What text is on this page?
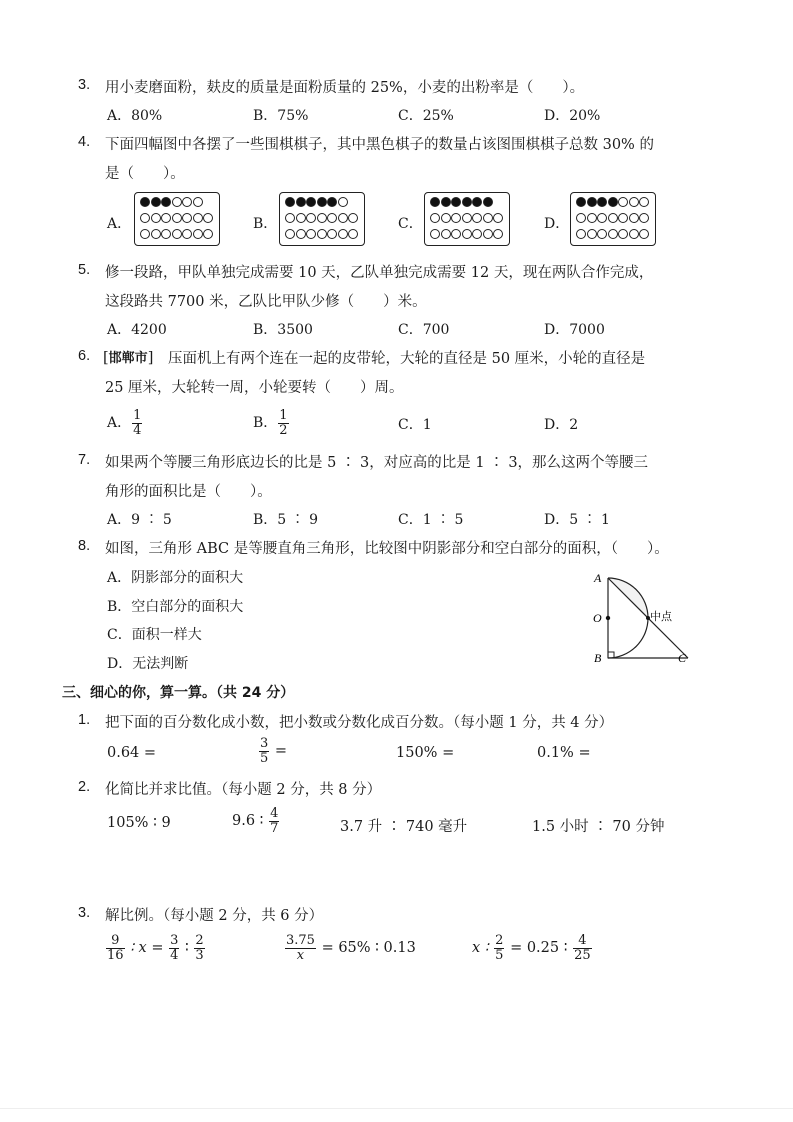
3. 用小麦磨面粉，麸皮的质量是面粉质量的 25%，小麦的出粉率是（　　）。
A．80%	B．75%	C．25%	D．20%
4. 下面四幅图中各摆了一些围棋棋子，其中黑色棋子的数量占该图围棋棋子总数 30% 的
是（　　）。
A．	B．	C．	D．
5. 修一段路，甲队单独完成需要 10 天，乙队单独完成需要 12 天，现在两队合作完成，
这段路共 7700 米，乙队比甲队少修（　　）米。
A．4200	B．3500	C．700	D．7000
6. [邯郸市] 压面机上有两个连在一起的皮带轮，大轮的直径是 50 厘米，小轮的直径是
25 厘米，大轮转一周，小轮要转（　　）周。
A． $\frac{1}{4}$	B． $\frac{1}{2}$	C．1	D．2
7. 如果两个等腰三角形底边长的比是 5 ∶ 3，对应高的比是 1 ∶ 3，那么这两个等腰三
角形的面积比是（　　）。
A．9 ∶ 5	B．5 ∶ 9	C．1 ∶ 5	D．5 ∶ 1
8. 如图，三角形 ABC 是等腰直角三角形，比较图中阴影部分和空白部分的面积，（　　）。
A．阴影部分的面积大
B．空白部分的面积大
C．面积一样大
D．无法判断
A
O
B	C
中点
三、细心的你，算一算。（共 24 分）
1. 把下面的百分数化成小数，把小数或分数化成百分数。（每小题 1 分，共 4 分）
0.64 =	$\frac{3}{5}$ =	150% =	0.1% =
2. 化简比并求比值。（每小题 2 分，共 8 分）
105% ∶ 9	9.6 ∶ $\frac{4}{7}$	3.7 升 ∶ 740 毫升	1.5 小时 ∶ 70 分钟
3. 解比例。（每小题 2 分，共 6 分）
$\frac{9}{16}$ ∶ $x = \frac{3}{4}$ ∶ $\frac{2}{3}$	$\frac{3.75}{x} = 65\%$ ∶ 0.13	x ∶ $\frac{2}{5} = 0.25$ ∶ $\frac{4}{25}$
